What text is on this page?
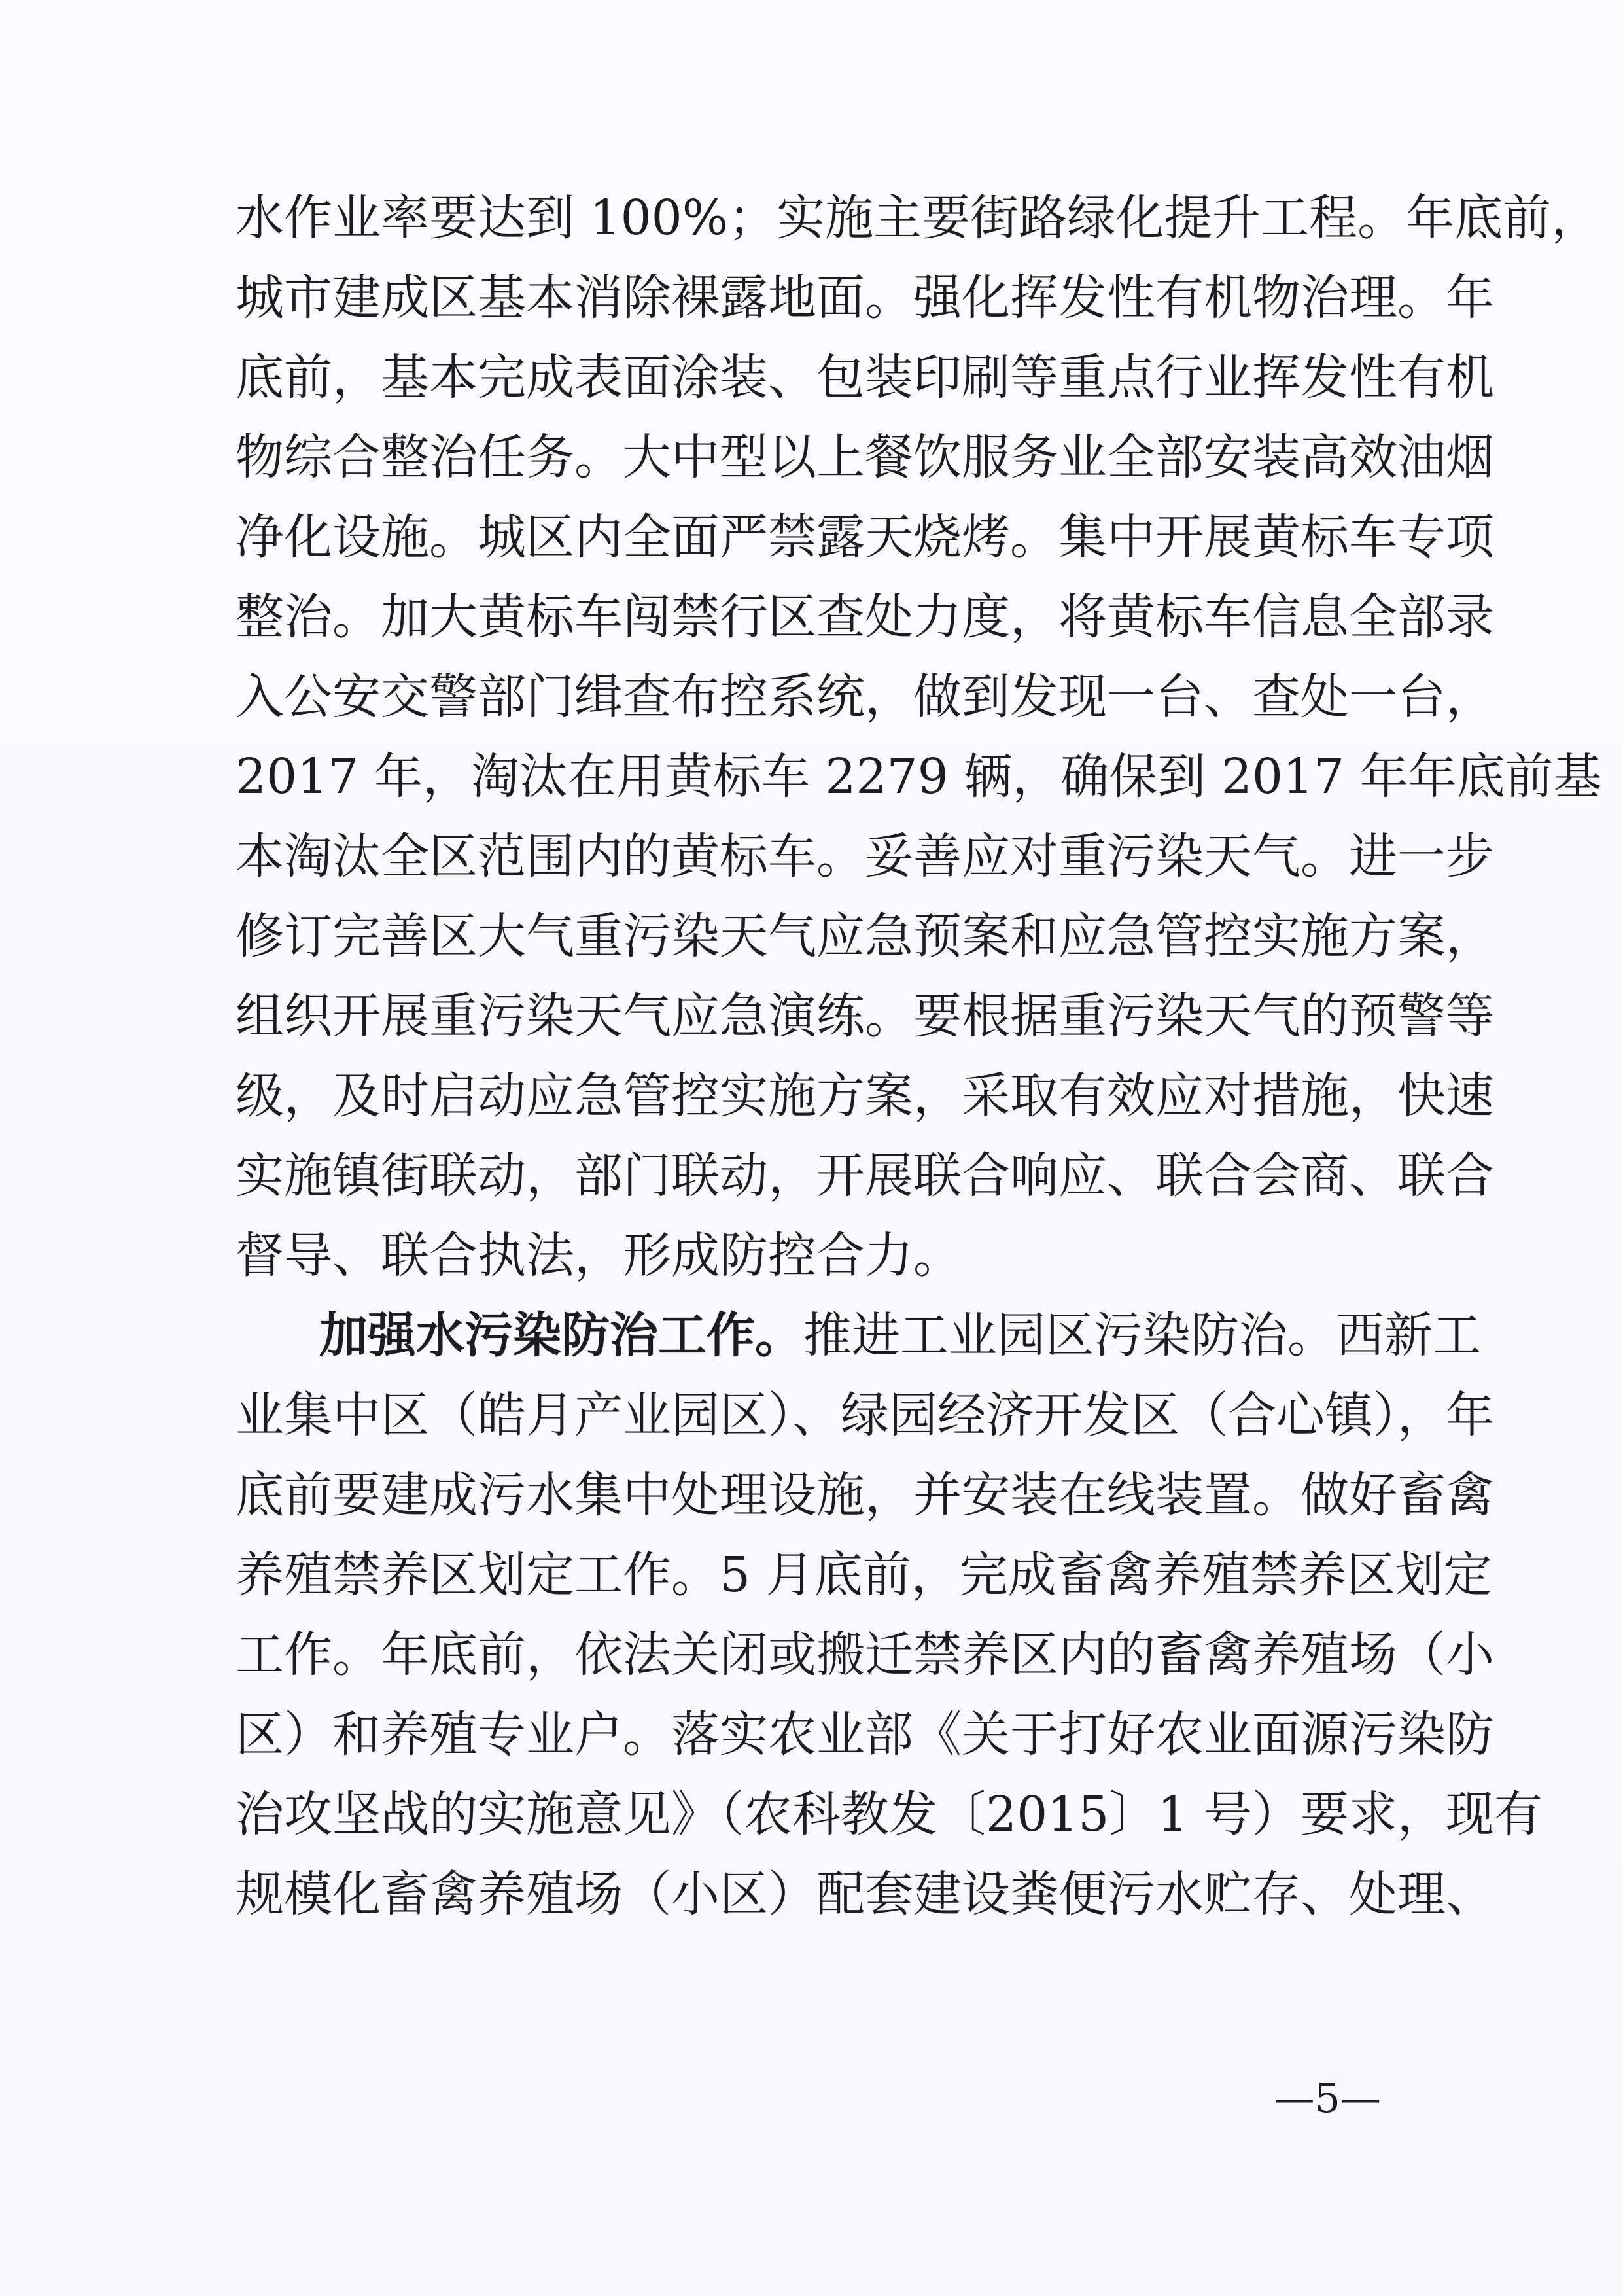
水作业率要达到 100%；实施主要街路绿化提升工程。年底前，
城市建成区基本消除裸露地面。强化挥发性有机物治理。年
底前，基本完成表面涂装、包装印刷等重点行业挥发性有机
物综合整治任务。大中型以上餐饮服务业全部安装高效油烟
净化设施。城区内全面严禁露天烧烤。集中开展黄标车专项
整治。加大黄标车闯禁行区查处力度，将黄标车信息全部录
入公安交警部门缉查布控系统，做到发现一台、查处一台，
2017 年，淘汰在用黄标车 2279 辆，确保到 2017 年年底前基
本淘汰全区范围内的黄标车。妥善应对重污染天气。进一步
修订完善区大气重污染天气应急预案和应急管控实施方案，
组织开展重污染天气应急演练。要根据重污染天气的预警等
级，及时启动应急管控实施方案，采取有效应对措施，快速
实施镇街联动，部门联动，开展联合响应、联合会商、联合
督导、联合执法，形成防控合力。
加强水污染防治工作。推进工业园区污染防治。西新工
业集中区（皓月产业园区）、绿园经济开发区（合心镇），年
底前要建成污水集中处理设施，并安装在线装置。做好畜禽
养殖禁养区划定工作。5 月底前，完成畜禽养殖禁养区划定
工作。年底前，依法关闭或搬迁禁养区内的畜禽养殖场（小
区）和养殖专业户。落实农业部《关于打好农业面源污染防
治攻坚战的实施意见》（农科教发〔2015〕1 号）要求，现有
规模化畜禽养殖场（小区）配套建设粪便污水贮存、处理、
—5—
